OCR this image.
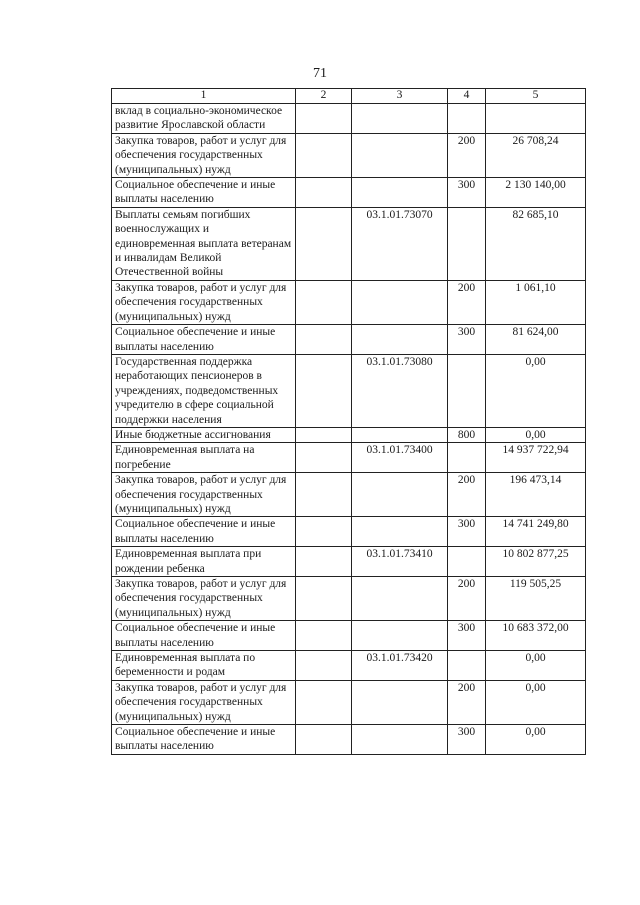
71
1	2	3	4	5
вклад в социально-экономическое развитие Ярославской области				
Закупка товаров, работ и услуг для обеспечения государственных (муниципальных) нужд			200	26 708,24
Социальное обеспечение и иные выплаты населению			300	2 130 140,00
Выплаты семьям погибших военнослужащих и единовременная выплата ветеранам и инвалидам Великой Отечественной войны		03.1.01.73070		82 685,10
Закупка товаров, работ и услуг для обеспечения государственных (муниципальных) нужд			200	1 061,10
Социальное обеспечение и иные выплаты населению			300	81 624,00
Государственная поддержка неработающих пенсионеров в учреждениях, подведомственных учредителю в сфере социальной поддержки населения		03.1.01.73080		0,00
Иные бюджетные ассигнования			800	0,00
Единовременная выплата на погребение		03.1.01.73400		14 937 722,94
Закупка товаров, работ и услуг для обеспечения государственных (муниципальных) нужд			200	196 473,14
Социальное обеспечение и иные выплаты населению			300	14 741 249,80
Единовременная выплата при рождении ребенка		03.1.01.73410		10 802 877,25
Закупка товаров, работ и услуг для обеспечения государственных (муниципальных) нужд			200	119 505,25
Социальное обеспечение и иные выплаты населению			300	10 683 372,00
Единовременная выплата по беременности и родам		03.1.01.73420		0,00
Закупка товаров, работ и услуг для обеспечения государственных (муниципальных) нужд			200	0,00
Социальное обеспечение и иные выплаты населению			300	0,00
